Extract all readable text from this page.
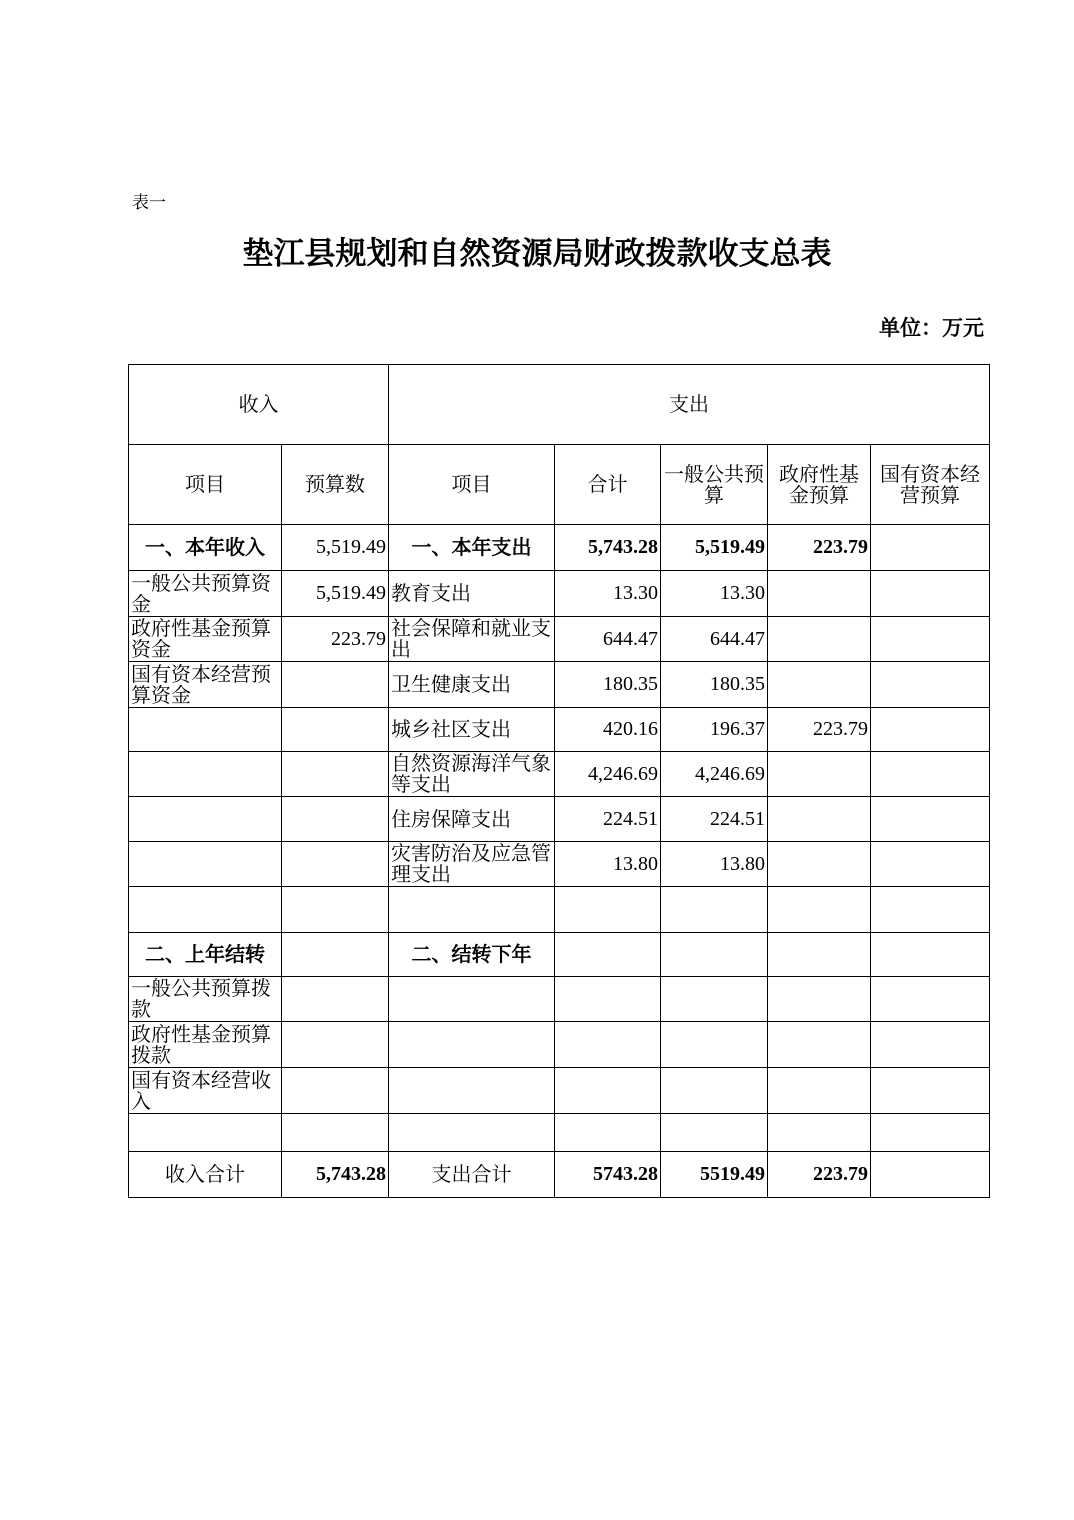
表一
垫江县规划和自然资源局财政拨款收支总表
单位：万元
收入		支出				
项目	预算数	项目	合计	一般公共预算	政府性基金预算	国有资本经营预算
一、本年收入	5,519.49	一、本年支出	5,743.28	5,519.49	223.79	
一般公共预算资金	5,519.49	教育支出	13.30	13.30		
政府性基金预算资金	223.79	社会保障和就业支出	644.47	644.47		
国有资本经营预算资金		卫生健康支出	180.35	180.35		
		城乡社区支出	420.16	196.37	223.79	
		自然资源海洋气象等支出	4,246.69	4,246.69		
		住房保障支出	224.51	224.51		
		灾害防治及应急管理支出	13.80	13.80		

二、上年结转		二、结转下年				
一般公共预算拨款						
政府性基金预算拨款						
国有资本经营收入						

收入合计	5,743.28	支出合计	5743.28	5519.49	223.79	
